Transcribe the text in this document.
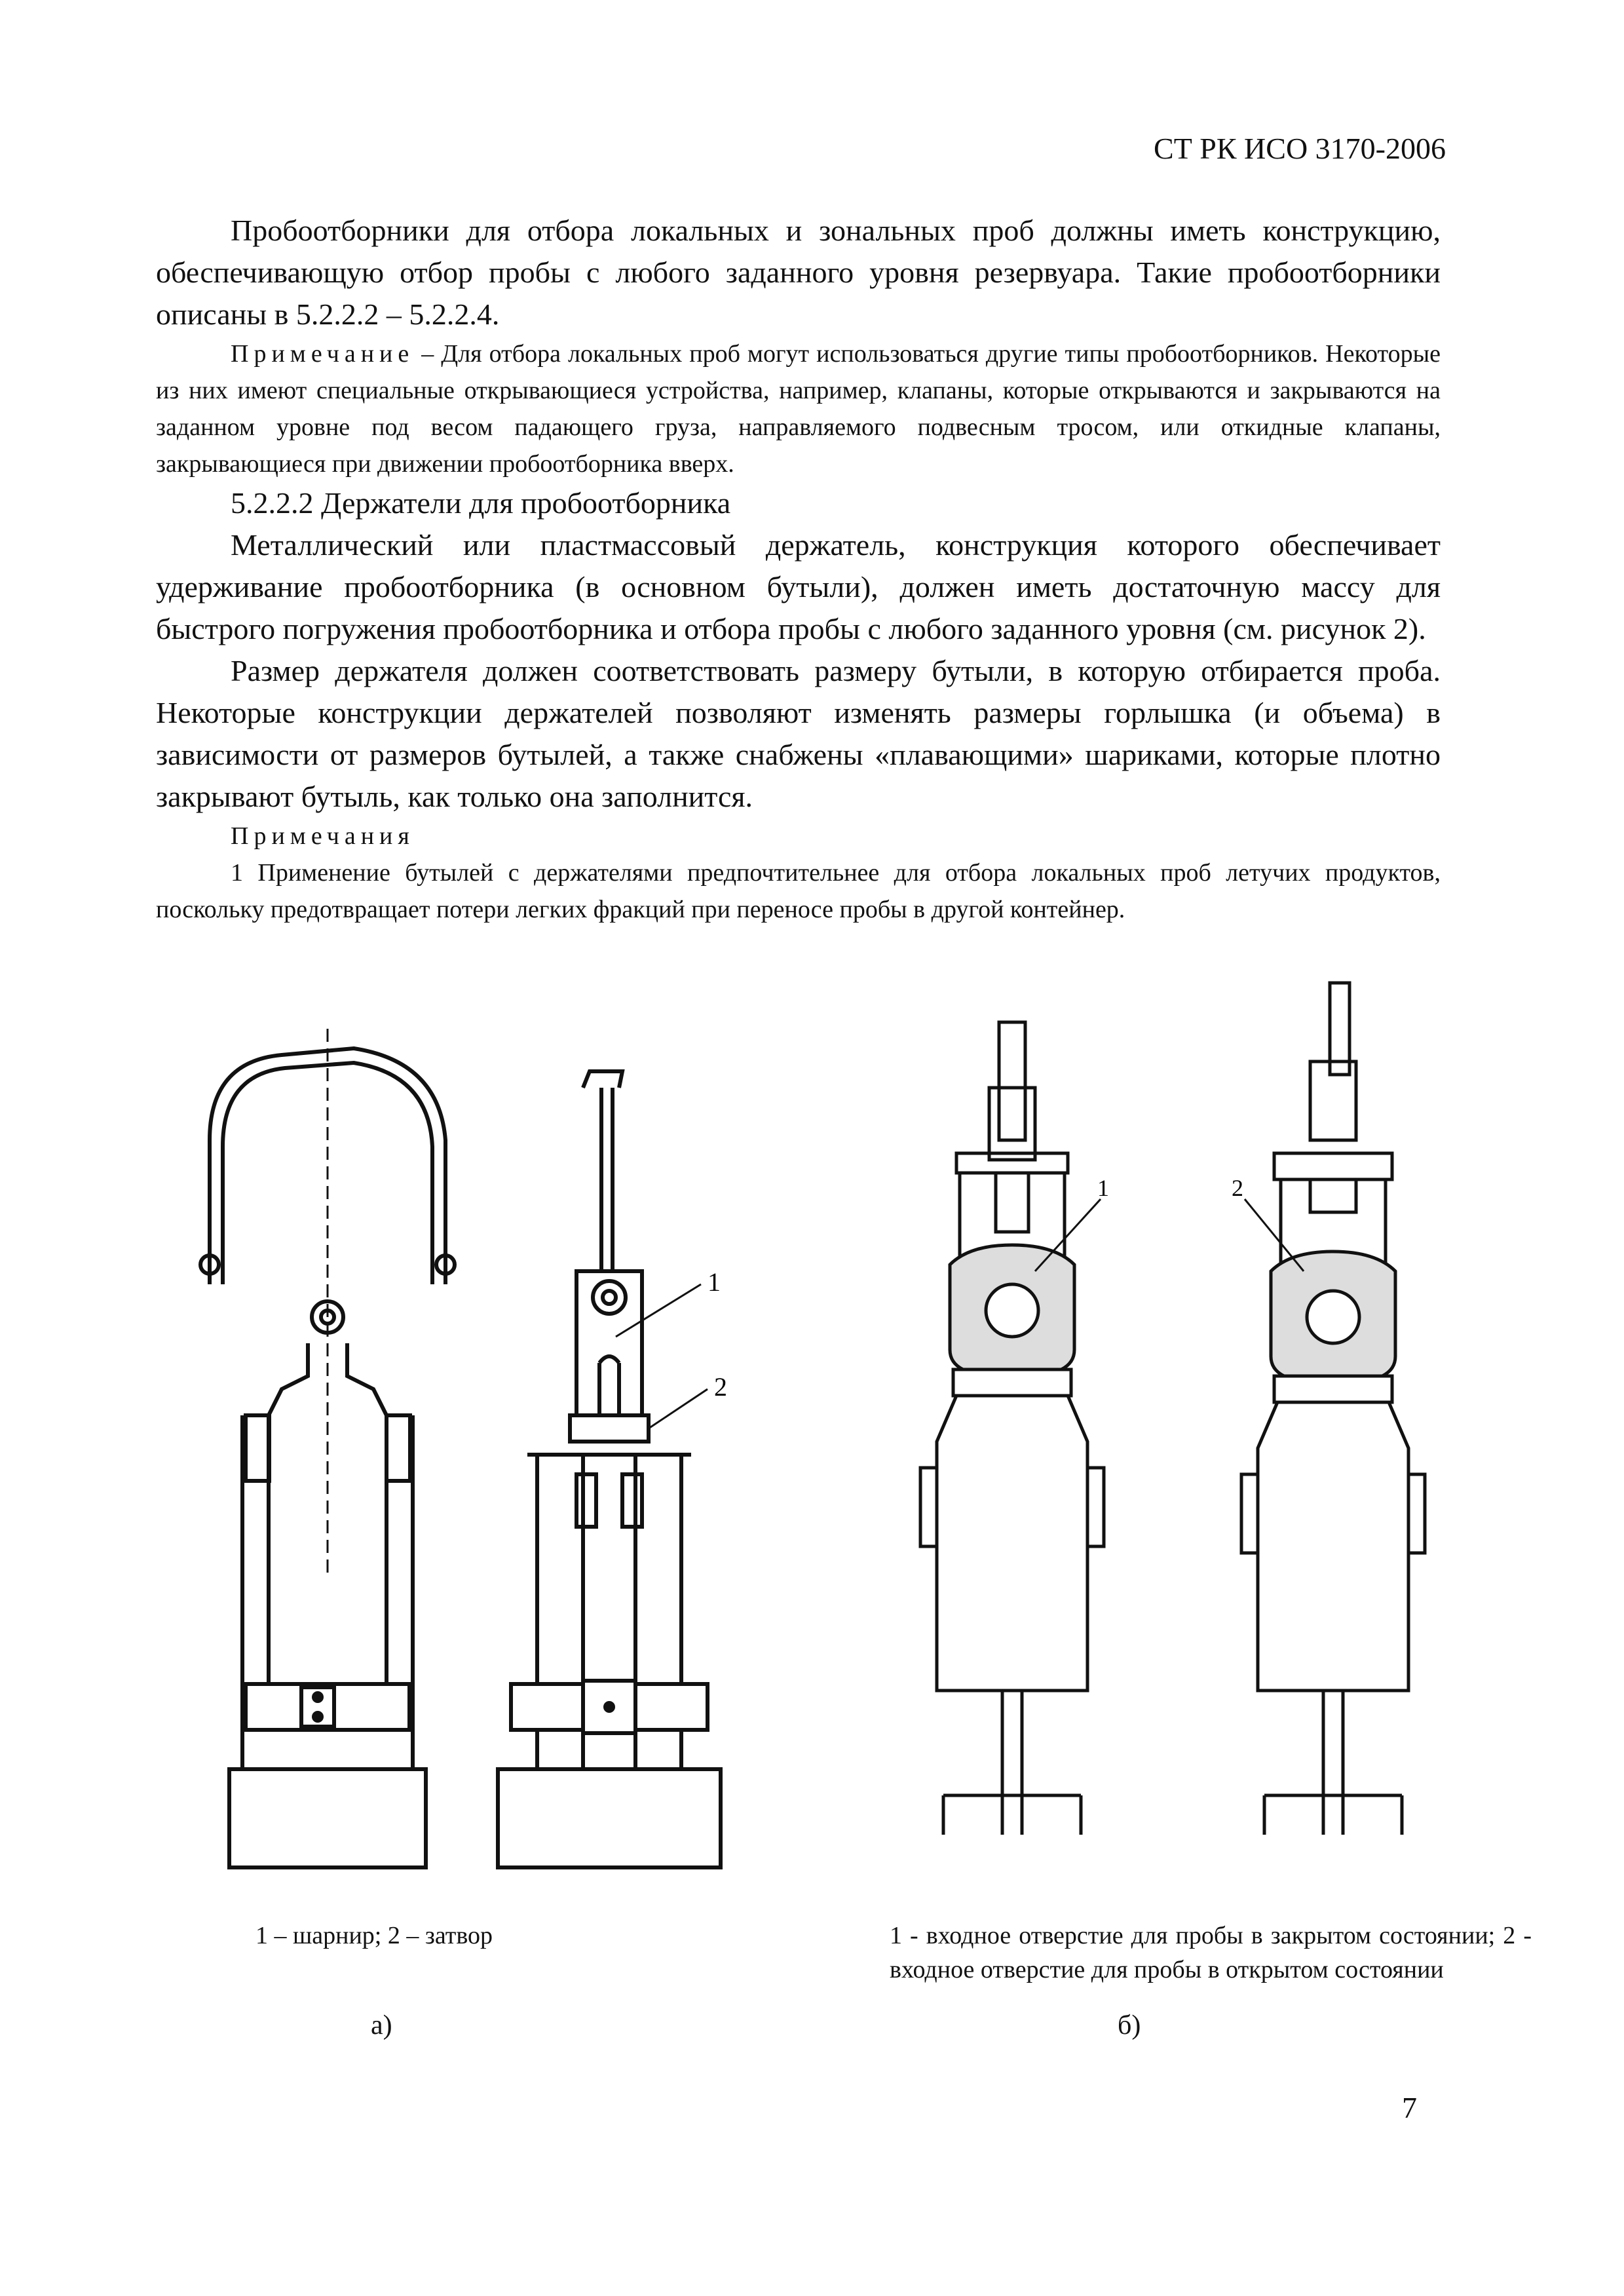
СТ РК ИСО 3170-2006

Пробоотборники для отбора локальных и зональных проб должны иметь конструкцию, обеспечивающую отбор пробы с любого заданного уровня резервуара. Такие пробоотборники описаны в 5.2.2.2 – 5.2.2.4.

Примечание – Для отбора локальных проб могут использоваться другие типы пробоотборников. Некоторые из них имеют специальные открывающиеся устройства, например, клапаны, которые открываются и закрываются на заданном уровне под весом падающего груза, направляемого подвесным тросом, или откидные клапаны, закрывающиеся при движении пробоотборника вверх.

5.2.2.2 Держатели для пробоотборника

Металлический или пластмассовый держатель, конструкция которого обеспечивает удерживание пробоотборника (в основном бутыли), должен иметь достаточную массу для быстрого погружения пробоотборника и отбора пробы с любого заданного уровня (см. рисунок 2).

Размер держателя должен соответствовать размеру бутыли, в которую отбирается проба. Некоторые конструкции держателей позволяют изменять размеры горлышка (и объема) в зависимости от размеров бутылей, а также снабжены «плавающими» шариками, которые плотно закрывают бутыль, как только она заполнится.

Примечания

1 Применение бутылей с держателями предпочтительнее для отбора локальных проб летучих продуктов, поскольку предотвращает потери легких фракций при переносе пробы в другой контейнер.

1
2
1	2
1 – шарнир; 2 – затвор	1 - входное отверстие для пробы в закрытом состоянии; 2 - входное отверстие для пробы в открытом состоянии
а)	б)
7
